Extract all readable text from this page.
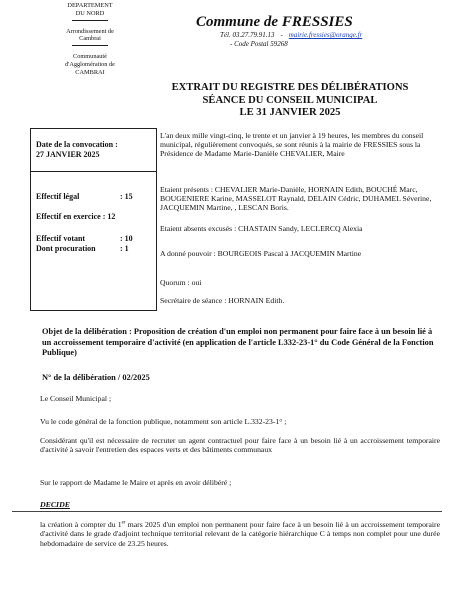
DEPARTEMENT
DU NORD
Arrondissement de
Cambrai
Communauté
d'Agglomération de
CAMBRAI
Commune de FRESSIES
Tél. 03.27.79.91.13 - mairie.fressies@orange.fr
- Code Postal 59268
EXTRAIT DU REGISTRE DES DÉLIBÉRATIONS
SÉANCE DU CONSEIL MUNICIPAL
LE 31 JANVIER 2025
Date de la convocation :
27 JANVIER 2025
Effectif légal	: 15
Effectif en exercice : 12
Effectif votant	: 10
Dont procuration	: 1
L'an deux mille vingt-cinq, le trente et un janvier à 19 heures, les membres du conseil municipal, régulièrement convoqués, se sont réunis à la mairie de FRESSIES sous la Présidence de Madame Marie-Danièle CHEVALIER, Maire
Etaient présents : CHEVALIER Marie-Danièle, HORNAIN Edith, BOUCHÉ Marc, BOUGENIERE Karine, MASSELOT Raynald, DELAIN Cédric, DUHAMEL Séverine, JACQUEMIN Martine, , LESCAN Boris.
Etaient absents excusés : CHASTAIN Sandy, LECLERCQ Alexia
A donné pouvoir : BOURGEOIS Pascal à JACQUEMIN Martine
Quorum : oui
Secrétaire de séance : HORNAIN Edith.
Objet de la délibération : Proposition de création d'un emploi non permanent pour faire face à un besoin lié à un accroissement temporaire d'activité (en application de l'article L332-23-1° du Code Général de la Fonction Publique)
N° de la délibération / 02/2025
Le Conseil Municipal ;
Vu le code général de la fonction publique, notamment son article L.332-23-1° ;
Considérant qu'il est nécessaire de recruter un agent contractuel pour faire face à un besoin lié à un accroissement temporaire d'activité à savoir l'entretien des espaces verts et des bâtiments communaux
Sur le rapport de Madame le Maire et après en avoir délibéré ;
DECIDE
la création à compter du 1er mars 2025 d'un emploi non permanent pour faire face à un besoin lié à un accroissement temporaire d'activité dans le grade d'adjoint technique territorial relevant de la catégorie hiérarchique C à temps non complet pour une durée hebdomadaire de service de 23.25 heures.
